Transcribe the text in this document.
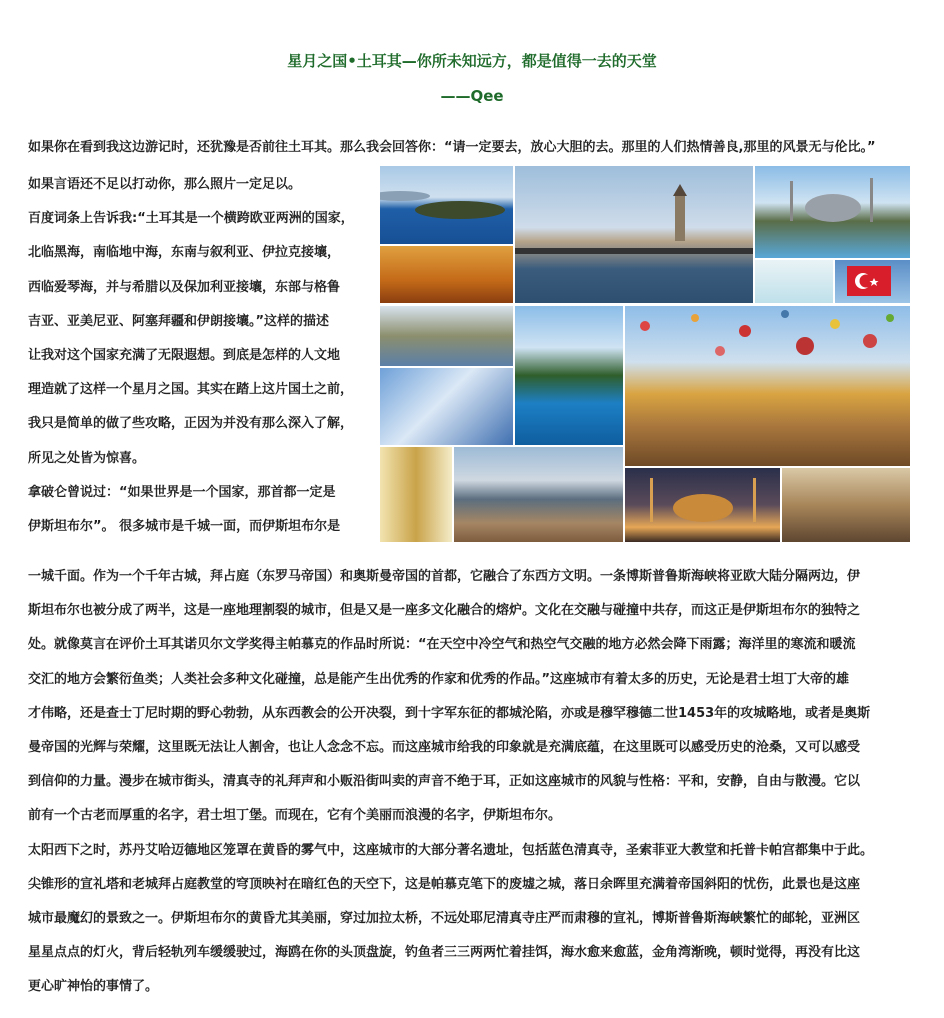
星月之国•土耳其—你所未知远方，都是值得一去的天堂
——Qee

如果你在看到我这边游记时，还犹豫是否前往土耳其。那么我会回答你：“请一定要去，放心大胆的去。那里的人们热情善良,那里的风景无与伦比。”

如果言语还不足以打动你，那么照片一定足以。
百度词条上告诉我:“土耳其是一个横跨欧亚两洲的国家，
北临黑海，南临地中海，东南与叙利亚、伊拉克接壤，
西临爱琴海，并与希腊以及保加利亚接壤，东部与格鲁
吉亚、亚美尼亚、阿塞拜疆和伊朗接壤。”这样的描述
让我对这个国家充满了无限遐想。到底是怎样的人文地
理造就了这样一个星月之国。其实在踏上这片国土之前，
我只是简单的做了些攻略，正因为并没有那么深入了解，
所见之处皆为惊喜。
拿破仑曾说过：“如果世界是一个国家，那首都一定是
伊斯坦布尔”。 很多城市是千城一面，而伊斯坦布尔是

一城千面。作为一个千年古城，拜占庭（东罗马帝国）和奥斯曼帝国的首都，它融合了东西方文明。一条博斯普鲁斯海峡将亚欧大陆分隔两边，伊
斯坦布尔也被分成了两半，这是一座地理割裂的城市，但是又是一座多文化融合的熔炉。文化在交融与碰撞中共存，而这正是伊斯坦布尔的独特之
处。就像莫言在评价土耳其诺贝尔文学奖得主帕慕克的作品时所说：“在天空中冷空气和热空气交融的地方必然会降下雨露；海洋里的寒流和暖流
交汇的地方会繁衍鱼类；人类社会多种文化碰撞，总是能产生出优秀的作家和优秀的作品。”这座城市有着太多的历史，无论是君士坦丁大帝的雄
才伟略，还是查士丁尼时期的野心勃勃，从东西教会的公开决裂，到十字军东征的都城沦陷，亦或是穆罕穆德二世1453年的攻城略地，或者是奥斯
曼帝国的光辉与荣耀，这里既无法让人割舍，也让人念念不忘。而这座城市给我的印象就是充满底蕴，在这里既可以感受历史的沧桑，又可以感受
到信仰的力量。漫步在城市街头，清真寺的礼拜声和小贩沿街叫卖的声音不绝于耳，正如这座城市的风貌与性格：平和，安静，自由与散漫。它以
前有一个古老而厚重的名字，君士坦丁堡。而现在，它有个美丽而浪漫的名字，伊斯坦布尔。
太阳西下之时，苏丹艾哈迈德地区笼罩在黄昏的雾气中，这座城市的大部分著名遗址，包括蓝色清真寺，圣索菲亚大教堂和托普卡帕宫都集中于此。
尖锥形的宣礼塔和老城拜占庭教堂的穹顶映衬在暗红色的天空下，这是帕慕克笔下的废墟之城，落日余晖里充满着帝国斜阳的忧伤，此景也是这座
城市最魔幻的景致之一。伊斯坦布尔的黄昏尤其美丽，穿过加拉太桥，不远处耶尼清真寺庄严而肃穆的宣礼，博斯普鲁斯海峡繁忙的邮轮，亚洲区
星星点点的灯火，背后轻轨列车缓缓驶过，海鸥在你的头顶盘旋，钓鱼者三三两两忙着挂饵，海水愈来愈蓝，金角湾渐晚，顿时觉得，再没有比这
更心旷神怡的事情了。
